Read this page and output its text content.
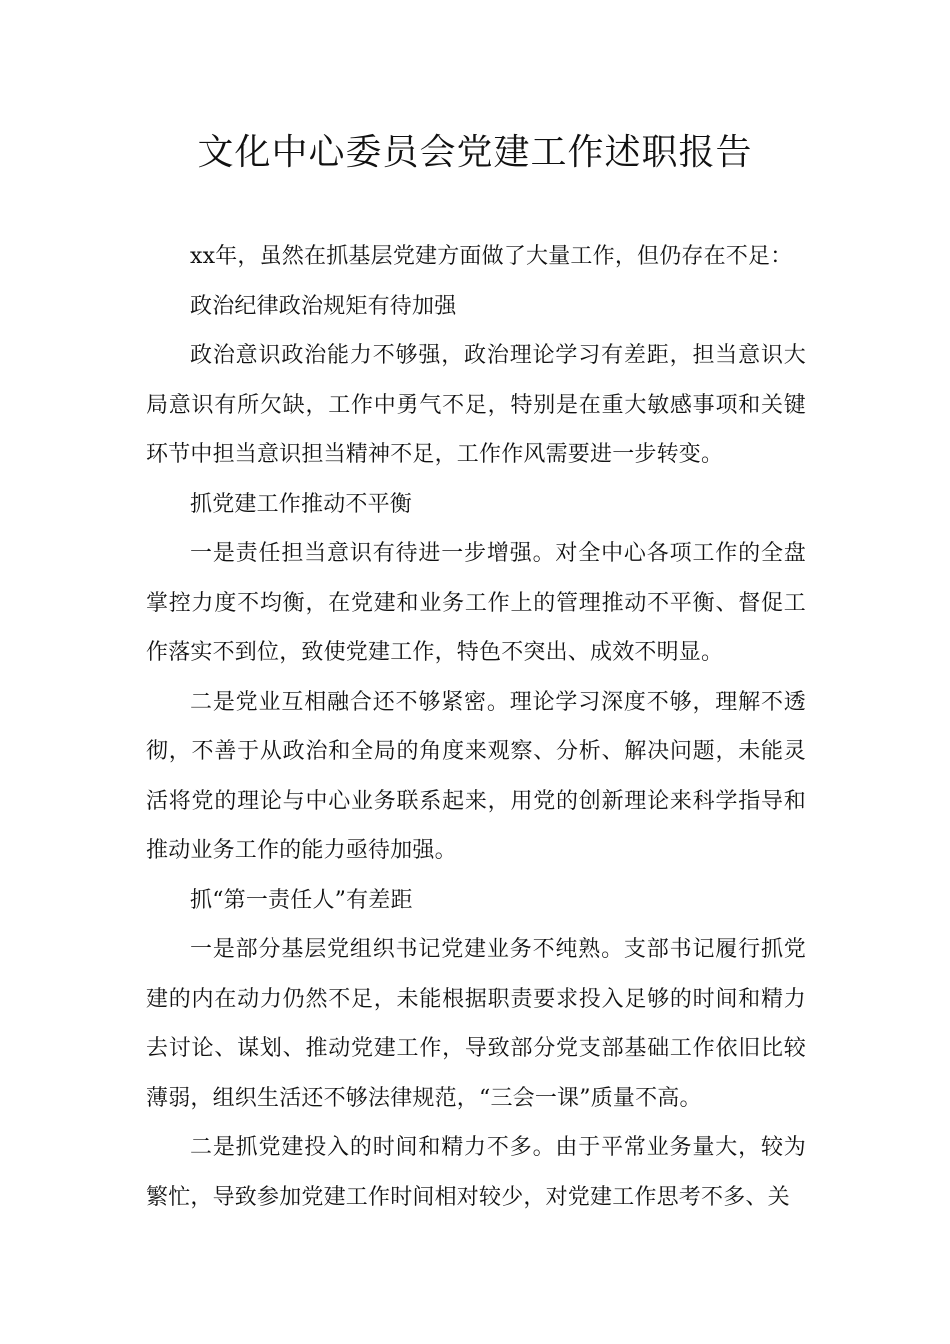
文化中心委员会党建工作述职报告

xx年，虽然在抓基层党建方面做了大量工作，但仍存在不足：

政治纪律政治规矩有待加强

政治意识政治能力不够强，政治理论学习有差距，担当意识大局意识有所欠缺，工作中勇气不足，特别是在重大敏感事项和关键环节中担当意识担当精神不足，工作作风需要进一步转变。

抓党建工作推动不平衡

一是责任担当意识有待进一步增强。对全中心各项工作的全盘掌控力度不均衡，在党建和业务工作上的管理推动不平衡、督促工作落实不到位，致使党建工作，特色不突出、成效不明显。

二是党业互相融合还不够紧密。理论学习深度不够，理解不透彻，不善于从政治和全局的角度来观察、分析、解决问题，未能灵活将党的理论与中心业务联系起来，用党的创新理论来科学指导和推动业务工作的能力亟待加强。

抓“第一责任人”有差距

一是部分基层党组织书记党建业务不纯熟。支部书记履行抓党建的内在动力仍然不足，未能根据职责要求投入足够的时间和精力去讨论、谋划、推动党建工作，导致部分党支部基础工作依旧比较薄弱，组织生活还不够法律规范，“三会一课”质量不高。

二是抓党建投入的时间和精力不多。由于平常业务量大，较为繁忙，导致参加党建工作时间相对较少，对党建工作思考不多、关
